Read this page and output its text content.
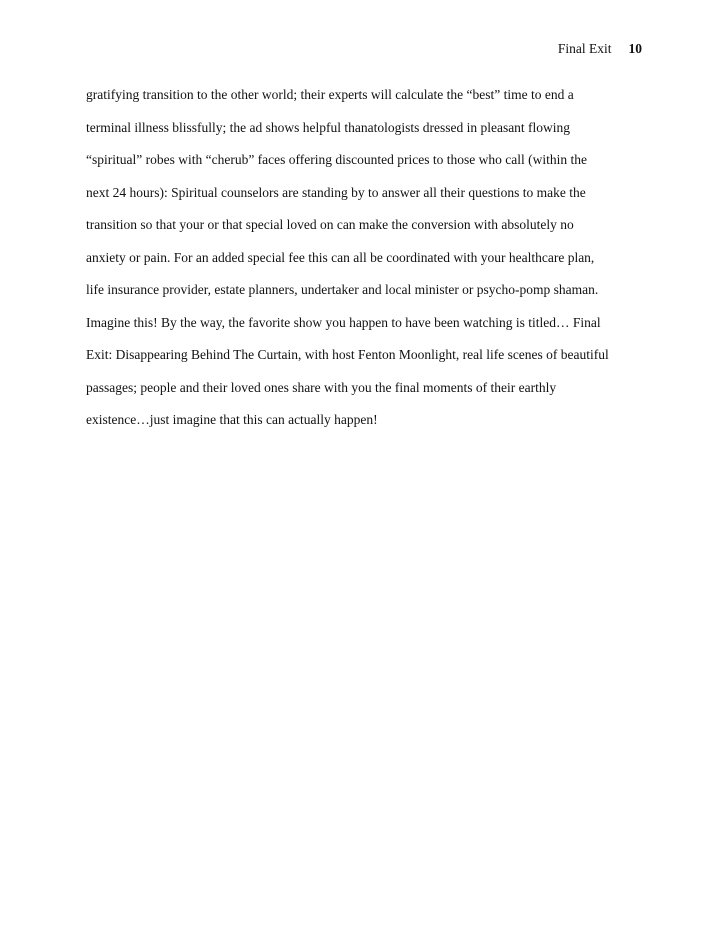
Final Exit 10
gratifying transition to the other world; their experts will calculate the “best” time to end a
terminal illness blissfully; the ad shows helpful thanatologists dressed in pleasant flowing
“spiritual” robes with “cherub” faces offering discounted prices to those who call (within the
next 24 hours): Spiritual counselors are standing by to answer all their questions to make the
transition so that your or that special loved on can make the conversion with absolutely no
anxiety or pain. For an added special fee this can all be coordinated with your healthcare plan,
life insurance provider, estate planners, undertaker and local minister or psycho-pomp shaman.
Imagine this! By the way, the favorite show you happen to have been watching is titled… Final
Exit: Disappearing Behind The Curtain, with host Fenton Moonlight, real life scenes of beautiful
passages; people and their loved ones share with you the final moments of their earthly
existence…just imagine that this can actually happen!
